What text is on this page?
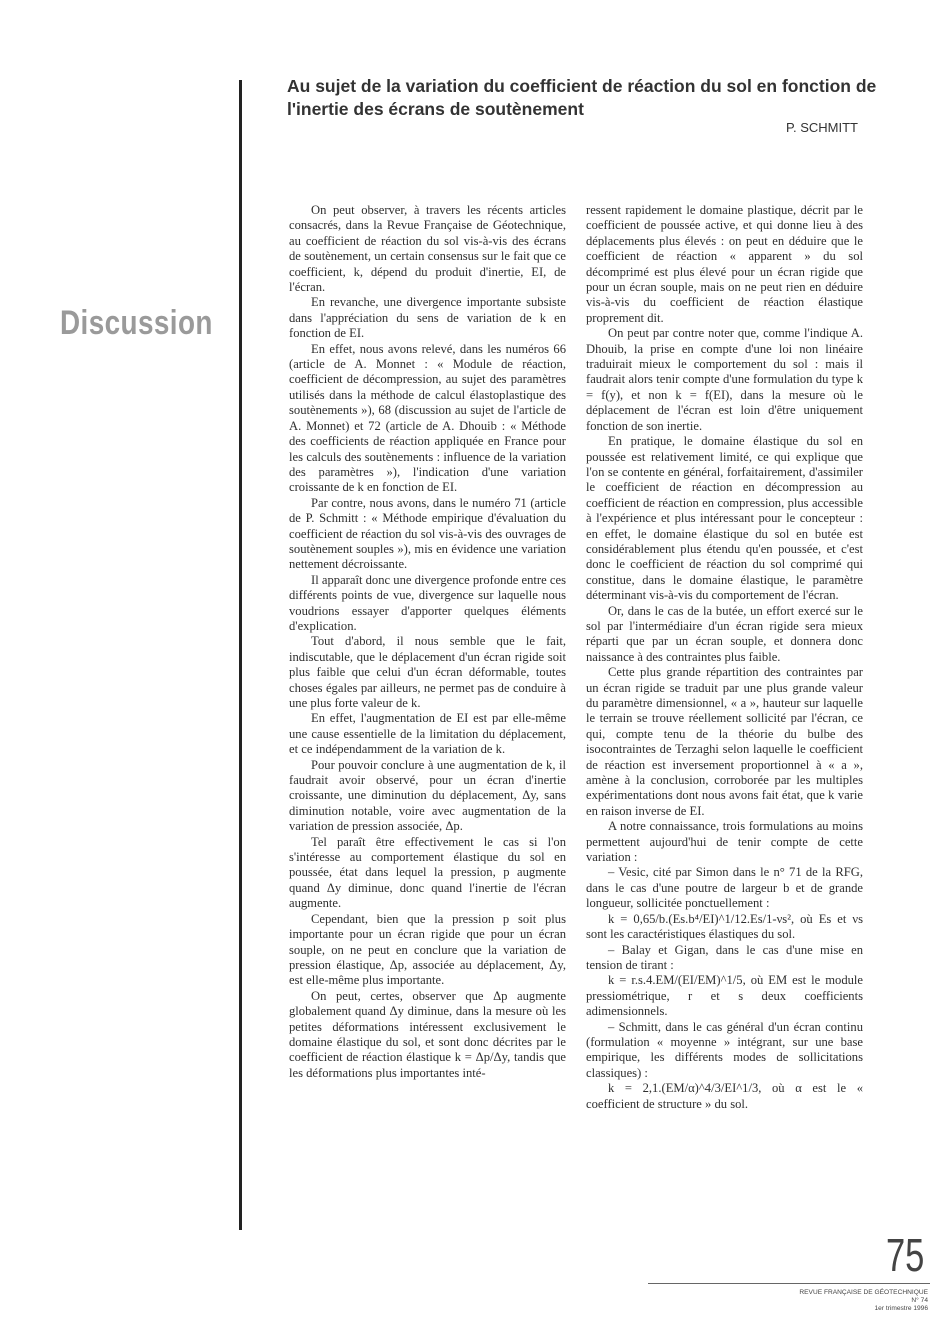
Au sujet de la variation du coefficient de réaction du sol en fonction de l'inertie des écrans de soutènement

P. SCHMITT

Discussion

On peut observer, à travers les récents articles consacrés, dans la Revue Française de Géotechnique, au coefficient de réaction du sol vis-à-vis des écrans de soutènement, un certain consensus sur le fait que ce coefficient, k, dépend du produit d'inertie, EI, de l'écran.

En revanche, une divergence importante subsiste dans l'appréciation du sens de variation de k en fonction de EI.

En effet, nous avons relevé, dans les numéros 66 (article de A. Monnet : « Module de réaction, coefficient de décompression, au sujet des paramètres utilisés dans la méthode de calcul élastoplastique des soutènements »), 68 (discussion au sujet de l'article de A. Monnet) et 72 (article de A. Dhouib : « Méthode des coefficients de réaction appliquée en France pour les calculs des soutènements : influence de la variation des paramètres »), l'indication d'une variation croissante de k en fonction de EI.

Par contre, nous avons, dans le numéro 71 (article de P. Schmitt : « Méthode empirique d'évaluation du coefficient de réaction du sol vis-à-vis des ouvrages de soutènement souples »), mis en évidence une variation nettement décroissante.

Il apparaît donc une divergence profonde entre ces différents points de vue, divergence sur laquelle nous voudrions essayer d'apporter quelques éléments d'explication.

Tout d'abord, il nous semble que le fait, indiscutable, que le déplacement d'un écran rigide soit plus faible que celui d'un écran déformable, toutes choses égales par ailleurs, ne permet pas de conduire à une plus forte valeur de k.

En effet, l'augmentation de EI est par elle-même une cause essentielle de la limitation du déplacement, et ce indépendamment de la variation de k.

Pour pouvoir conclure à une augmentation de k, il faudrait avoir observé, pour un écran d'inertie croissante, une diminution du déplacement, Δy, sans diminution notable, voire avec augmentation de la variation de pression associée, Δp.

Tel paraît être effectivement le cas si l'on s'intéresse au comportement élastique du sol en poussée, état dans lequel la pression, p augmente quand Δy diminue, donc quand l'inertie de l'écran augmente.

Cependant, bien que la pression p soit plus importante pour un écran rigide que pour un écran souple, on ne peut en conclure que la variation de pression élastique, Δp, associée au déplacement, Δy, est elle-même plus importante.

On peut, certes, observer que Δp augmente globalement quand Δy diminue, dans la mesure où les petites déformations intéressent exclusivement le domaine élastique du sol, et sont donc décrites par le coefficient de réaction élastique k = Δp/Δy, tandis que les déformations plus importantes inté-

ressent rapidement le domaine plastique, décrit par le coefficient de poussée active, et qui donne lieu à des déplacements plus élevés : on peut en déduire que le coefficient de réaction « apparent » du sol décomprimé est plus élevé pour un écran rigide que pour un écran souple, mais on ne peut rien en déduire vis-à-vis du coefficient de réaction élastique proprement dit.

On peut par contre noter que, comme l'indique A. Dhouib, la prise en compte d'une loi non linéaire traduirait mieux le comportement du sol : mais il faudrait alors tenir compte d'une formulation du type k = f(y), et non k = f(EI), dans la mesure où le déplacement de l'écran est loin d'être uniquement fonction de son inertie.

En pratique, le domaine élastique du sol en poussée est relativement limité, ce qui explique que l'on se contente en général, forfaitairement, d'assimiler le coefficient de réaction en décompression au coefficient de réaction en compression, plus accessible à l'expérience et plus intéressant pour le concepteur : en effet, le domaine élastique du sol en butée est considérablement plus étendu qu'en poussée, et c'est donc le coefficient de réaction du sol comprimé qui constitue, dans le domaine élastique, le paramètre déterminant vis-à-vis du comportement de l'écran.

Or, dans le cas de la butée, un effort exercé sur le sol par l'intermédiaire d'un écran rigide sera mieux réparti que par un écran souple, et donnera donc naissance à des contraintes plus faible.

Cette plus grande répartition des contraintes par un écran rigide se traduit par une plus grande valeur du paramètre dimensionnel, « a », hauteur sur laquelle le terrain se trouve réellement sollicité par l'écran, ce qui, compte tenu de la théorie du bulbe des isocontraintes de Terzaghi selon laquelle le coefficient de réaction est inversement proportionnel à « a », amène à la conclusion, corroborée par les multiples expérimentations dont nous avons fait état, que k varie en raison inverse de EI.

A notre connaissance, trois formulations au moins permettent aujourd'hui de tenir compte de cette variation :

– Vesic, cité par Simon dans le n° 71 de la RFG, dans le cas d'une poutre de largeur b et de grande longueur, sollicitée ponctuellement :

k = 0,65/b.(Es.b⁴/EI)^1/12.Es/1-νs², où Es et νs sont les caractéristiques élastiques du sol.

– Balay et Gigan, dans le cas d'une mise en tension de tirant :

k = r.s.4.EM/(EI/EM)^1/5, où EM est le module pressiométrique, r et s deux coefficients adimensionnels.

– Schmitt, dans le cas général d'un écran continu (formulation « moyenne » intégrant, sur une base empirique, les différents modes de sollicitations classiques) :

k = 2,1.(EM/α)^4/3/EI^1/3, où α est le « coefficient de structure » du sol.

75

REVUE FRANÇAISE DE GÉOTECHNIQUE
N° 74
1er trimestre 1996
